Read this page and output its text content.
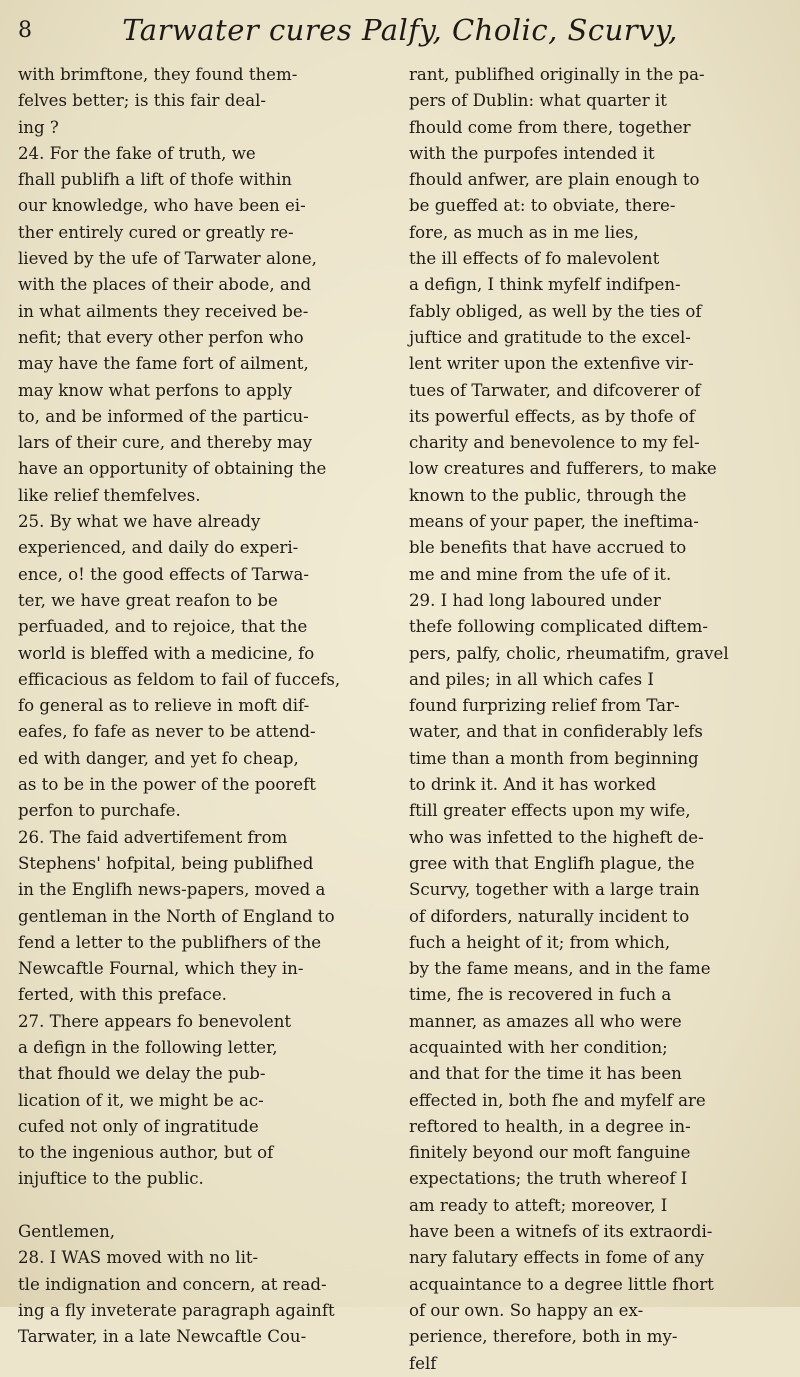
8	Tarwater cures Palfy, Cholic, Scurvy,
with brimftone, they found them-
felves better; is this fair deal-
ing ?
24. For the fake of truth, we
fhall publifh a lift of thofe within
our knowledge, who have been ei-
ther entirely cured or greatly re-
lieved by the ufe of Tarwater alone,
with the places of their abode, and
in what ailments they received be-
nefit; that every other perfon who
may have the fame fort of ailment,
may know what perfons to apply
to, and be informed of the particu-
lars of their cure, and thereby may
have an opportunity of obtaining the
like relief themfelves.
25. By what we have already
experienced, and daily do experi-
ence, o! the good effects of Tarwa-
ter, we have great reafon to be
perfuaded, and to rejoice, that the
world is bleffed with a medicine, fo
efficacious as feldom to fail of fuccefs,
fo general as to relieve in moft dif-
eafes, fo fafe as never to be attend-
ed with danger, and yet fo cheap,
as to be in the power of the pooreft
perfon to purchafe.
26. The faid advertifement from
Stephens' hofpital, being publifhed
in the Englifh news-papers, moved a
gentleman in the North of England to
fend a letter to the publifhers of the
Newcaftle Fournal, which they in-
ferted, with this preface.
27. There appears fo benevolent
a defign in the following letter,
that fhould we delay the pub-
lication of it, we might be ac-
cufed not only of ingratitude
to the ingenious author, but of
injuftice to the public.

Gentlemen,
28. I WAS moved with no lit-
tle indignation and concern, at read-
ing a fly inveterate paragraph againft
Tarwater, in a late Newcaftle Cou-
rant, publifhed originally in the pa-
pers of Dublin: what quarter it
fhould come from there, together
with the purpofes intended it
fhould anfwer, are plain enough to
be gueffed at: to obviate, there-
fore, as much as in me lies,
the ill effects of fo malevolent
a defign, I think myfelf indifpen-
fably obliged, as well by the ties of
juftice and gratitude to the excel-
lent writer upon the extenfive vir-
tues of Tarwater, and difcoverer of
its powerful effects, as by thofe of
charity and benevolence to my fel-
low creatures and fufferers, to make
known to the public, through the
means of your paper, the ineftima-
ble benefits that have accrued to
me and mine from the ufe of it.
29. I had long laboured under
thefe following complicated diftem-
pers, palfy, cholic, rheumatifm, gravel
and piles; in all which cafes I
found furprizing relief from Tar-
water, and that in confiderably lefs
time than a month from beginning
to drink it. And it has worked
ftill greater effects upon my wife,
who was infetted to the higheft de-
gree with that Englifh plague, the
Scurvy, together with a large train
of diforders, naturally incident to
fuch a height of it; from which,
by the fame means, and in the fame
time, fhe is recovered in fuch a
manner, as amazes all who were
acquainted with her condition;
and that for the time it has been
effected in, both fhe and myfelf are
reftored to health, in a degree in-
finitely beyond our moft fanguine
expectations; the truth whereof I
am ready to atteft; moreover, I
have been a witnefs of its extraordi-
nary falutary effects in fome of any
acquaintance to a degree little fhort
of our own. So happy an ex-
perience, therefore, both in my-
felf
